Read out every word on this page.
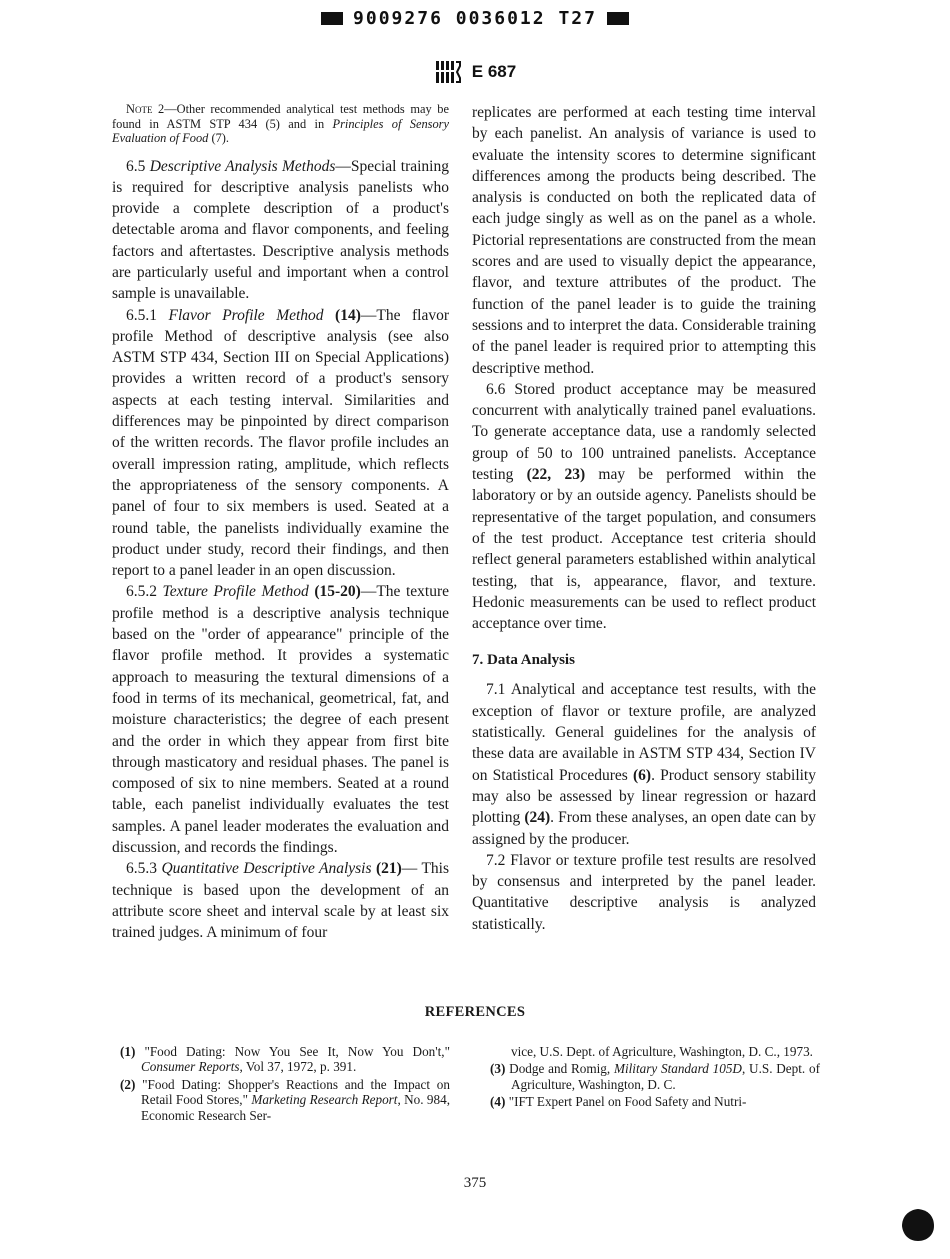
9009276 0036012 T27
E 687

Note 2—Other recommended analytical test methods may be found in ASTM STP 434 (5) and in Principles of Sensory Evaluation of Food (7).

6.5 Descriptive Analysis Methods—Special training is required for descriptive analysis panelists who provide a complete description of a product's detectable aroma and flavor components, and feeling factors and aftertastes. Descriptive analysis methods are particularly useful and important when a control sample is unavailable.

6.5.1 Flavor Profile Method (14)—The flavor profile Method of descriptive analysis (see also ASTM STP 434, Section III on Special Applications) provides a written record of a product's sensory aspects at each testing interval. Similarities and differences may be pinpointed by direct comparison of the written records. The flavor profile includes an overall impression rating, amplitude, which reflects the appropriateness of the sensory components. A panel of four to six members is used. Seated at a round table, the panelists individually examine the product under study, record their findings, and then report to a panel leader in an open discussion.

6.5.2 Texture Profile Method (15-20)—The texture profile method is a descriptive analysis technique based on the "order of appearance" principle of the flavor profile method. It provides a systematic approach to measuring the textural dimensions of a food in terms of its mechanical, geometrical, fat, and moisture characteristics; the degree of each present and the order in which they appear from first bite through masticatory and residual phases. The panel is composed of six to nine members. Seated at a round table, each panelist individually evaluates the test samples. A panel leader moderates the evaluation and discussion, and records the findings.

6.5.3 Quantitative Descriptive Analysis (21)— This technique is based upon the development of an attribute score sheet and interval scale by at least six trained judges. A minimum of four

replicates are performed at each testing time interval by each panelist. An analysis of variance is used to evaluate the intensity scores to determine significant differences among the products being described. The analysis is conducted on both the replicated data of each judge singly as well as on the panel as a whole. Pictorial representations are constructed from the mean scores and are used to visually depict the appearance, flavor, and texture attributes of the product. The function of the panel leader is to guide the training sessions and to interpret the data. Considerable training of the panel leader is required prior to attempting this descriptive method.

6.6 Stored product acceptance may be measured concurrent with analytically trained panel evaluations. To generate acceptance data, use a randomly selected group of 50 to 100 untrained panelists. Acceptance testing (22, 23) may be performed within the laboratory or by an outside agency. Panelists should be representative of the target population, and consumers of the test product. Acceptance test criteria should reflect general parameters established within analytical testing, that is, appearance, flavor, and texture. Hedonic measurements can be used to reflect product acceptance over time.

7. Data Analysis

7.1 Analytical and acceptance test results, with the exception of flavor or texture profile, are analyzed statistically. General guidelines for the analysis of these data are available in ASTM STP 434, Section IV on Statistical Procedures (6). Product sensory stability may also be assessed by linear regression or hazard plotting (24). From these analyses, an open date can by assigned by the producer.

7.2 Flavor or texture profile test results are resolved by consensus and interpreted by the panel leader. Quantitative descriptive analysis is analyzed statistically.

REFERENCES
(1) "Food Dating: Now You See It, Now You Don't," Consumer Reports, Vol 37, 1972, p. 391.
(2) "Food Dating: Shopper's Reactions and the Impact on Retail Food Stores," Marketing Research Report, No. 984, Economic Research Ser-
vice, U.S. Dept. of Agriculture, Washington, D. C., 1973.
(3) Dodge and Romig, Military Standard 105D, U.S. Dept. of Agriculture, Washington, D. C.
(4) "IFT Expert Panel on Food Safety and Nutri-
375
